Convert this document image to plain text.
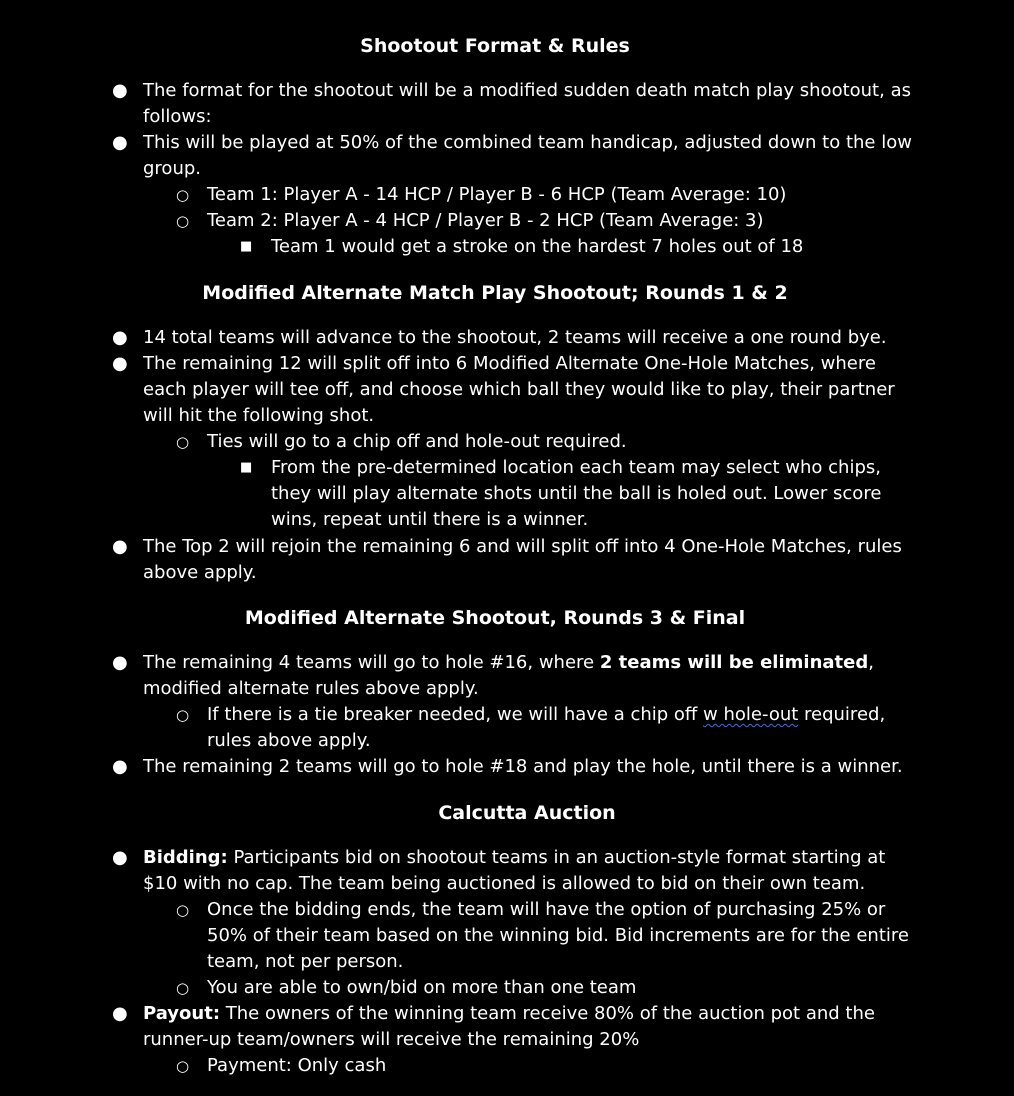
Shootout Format & Rules
● The format for the shootout will be a modified sudden death match play shootout, as follows:
● This will be played at 50% of the combined team handicap, adjusted down to the low group.
○ Team 1: Player A - 14 HCP / Player B - 6 HCP (Team Average: 10)
○ Team 2: Player A - 4 HCP / Player B - 2 HCP (Team Average: 3)
■ Team 1 would get a stroke on the hardest 7 holes out of 18
Modified Alternate Match Play Shootout; Rounds 1 & 2
● 14 total teams will advance to the shootout, 2 teams will receive a one round bye.
● The remaining 12 will split off into 6 Modified Alternate One-Hole Matches, where each player will tee off, and choose which ball they would like to play, their partner will hit the following shot.
○ Ties will go to a chip off and hole-out required.
■ From the pre-determined location each team may select who chips, they will play alternate shots until the ball is holed out. Lower score wins, repeat until there is a winner.
● The Top 2 will rejoin the remaining 6 and will split off into 4 One-Hole Matches, rules above apply.
Modified Alternate Shootout, Rounds 3 & Final
● The remaining 4 teams will go to hole #16, where 2 teams will be eliminated, modified alternate rules above apply.
○ If there is a tie breaker needed, we will have a chip off w hole-out required, rules above apply.
● The remaining 2 teams will go to hole #18 and play the hole, until there is a winner.
Calcutta Auction
● Bidding: Participants bid on shootout teams in an auction-style format starting at $10 with no cap. The team being auctioned is allowed to bid on their own team.
○ Once the bidding ends, the team will have the option of purchasing 25% or 50% of their team based on the winning bid. Bid increments are for the entire team, not per person.
○ You are able to own/bid on more than one team
● Payout: The owners of the winning team receive 80% of the auction pot and the runner-up team/owners will receive the remaining 20%
○ Payment: Only cash
